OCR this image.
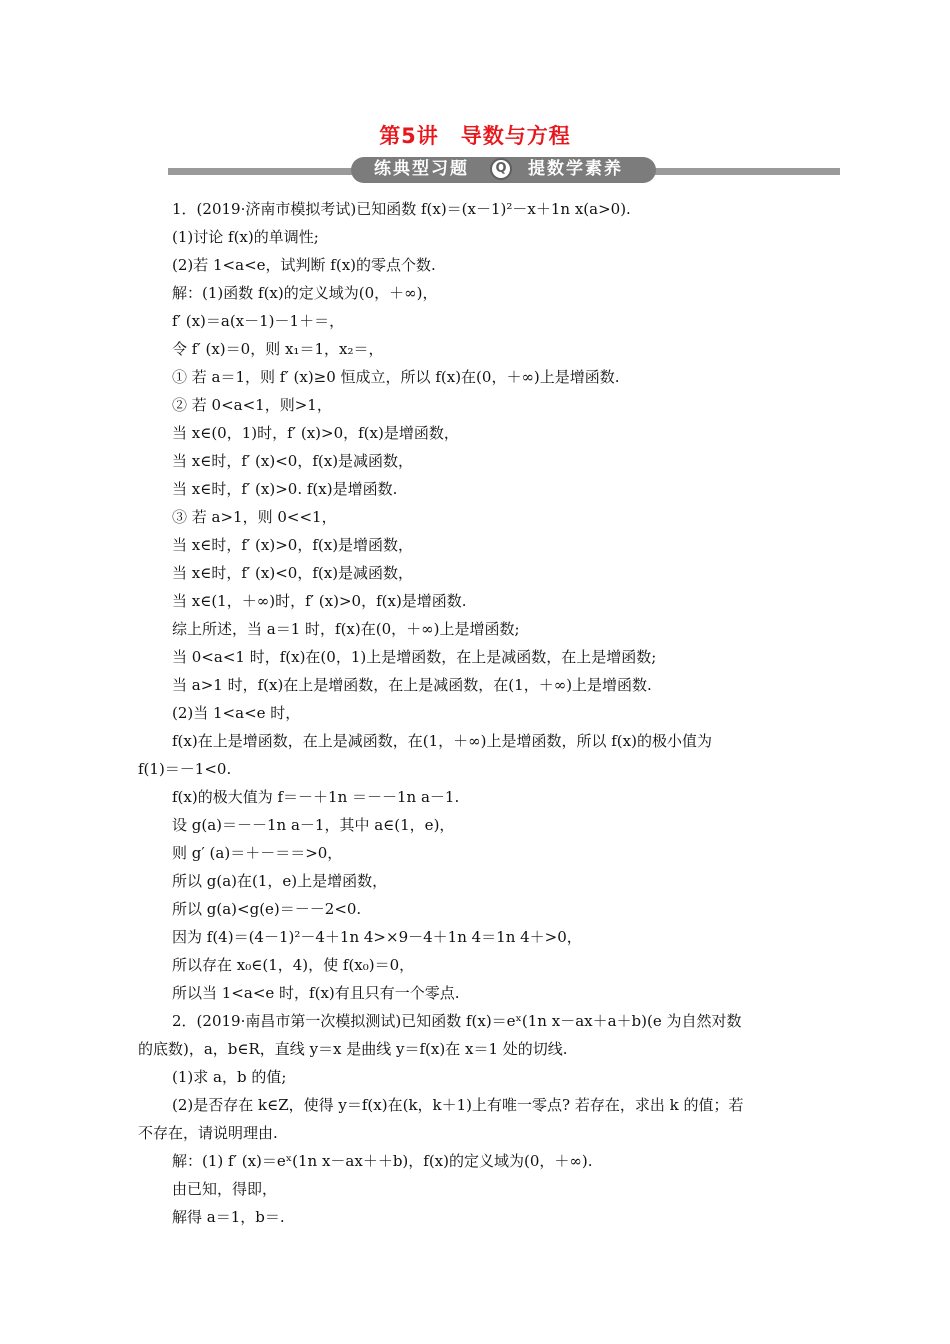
第5讲　导数与方程
练典型习题	Q	提数学素养
1．(2019·济南市模拟考试)已知函数 f(x)＝(x－1)²－x＋1n x(a>0).
(1)讨论 f(x)的单调性;
(2)若 1<a<e，试判断 f(x)的零点个数.
解：(1)函数 f(x)的定义域为(0，＋∞)，
f′ (x)＝a(x－1)－1＋＝，
令 f′ (x)＝0，则 x₁＝1，x₂＝，
① 若 a＝1，则 f′ (x)≥0 恒成立，所以 f(x)在(0，＋∞)上是增函数.
② 若 0<a<1，则>1，
当 x∈(0，1)时，f′ (x)>0，f(x)是增函数，
当 x∈时，f′ (x)<0，f(x)是减函数，
当 x∈时，f′ (x)>0. f(x)是增函数.
③ 若 a>1，则 0<<1，
当 x∈时，f′ (x)>0，f(x)是增函数，
当 x∈时，f′ (x)<0，f(x)是减函数，
当 x∈(1，＋∞)时，f′ (x)>0，f(x)是增函数.
综上所述，当 a＝1 时，f(x)在(0，＋∞)上是增函数;
当 0<a<1 时，f(x)在(0，1)上是增函数，在上是减函数，在上是增函数;
当 a>1 时，f(x)在上是增函数，在上是减函数，在(1，＋∞)上是增函数.
(2)当 1<a<e 时，
f(x)在上是增函数，在上是减函数，在(1，＋∞)上是增函数，所以 f(x)的极小值为
f(1)＝－1<0.
f(x)的极大值为 f＝－＋1n ＝－－1n a－1.
设 g(a)＝－－1n a－1，其中 a∈(1，e)，
则 g′ (a)＝＋－＝＝>0，
所以 g(a)在(1，e)上是增函数，
所以 g(a)<g(e)＝－－2<0.
因为 f(4)＝(4－1)²－4＋1n 4>×9－4＋1n 4＝1n 4＋>0，
所以存在 x₀∈(1，4)，使 f(x₀)＝0，
所以当 1<a<e 时，f(x)有且只有一个零点.
2．(2019·南昌市第一次模拟测试)已知函数 f(x)＝eˣ(1n x－ax＋a＋b)(e 为自然对数
的底数)，a，b∈R，直线 y＝x 是曲线 y＝f(x)在 x＝1 处的切线.
(1)求 a，b 的值;
(2)是否存在 k∈Z，使得 y＝f(x)在(k，k＋1)上有唯一零点? 若存在，求出 k 的值；若
不存在，请说明理由.
解：(1) f′ (x)＝eˣ(1n x－ax＋＋b)，f(x)的定义域为(0，＋∞).
由已知，得即，
解得 a＝1，b＝.
